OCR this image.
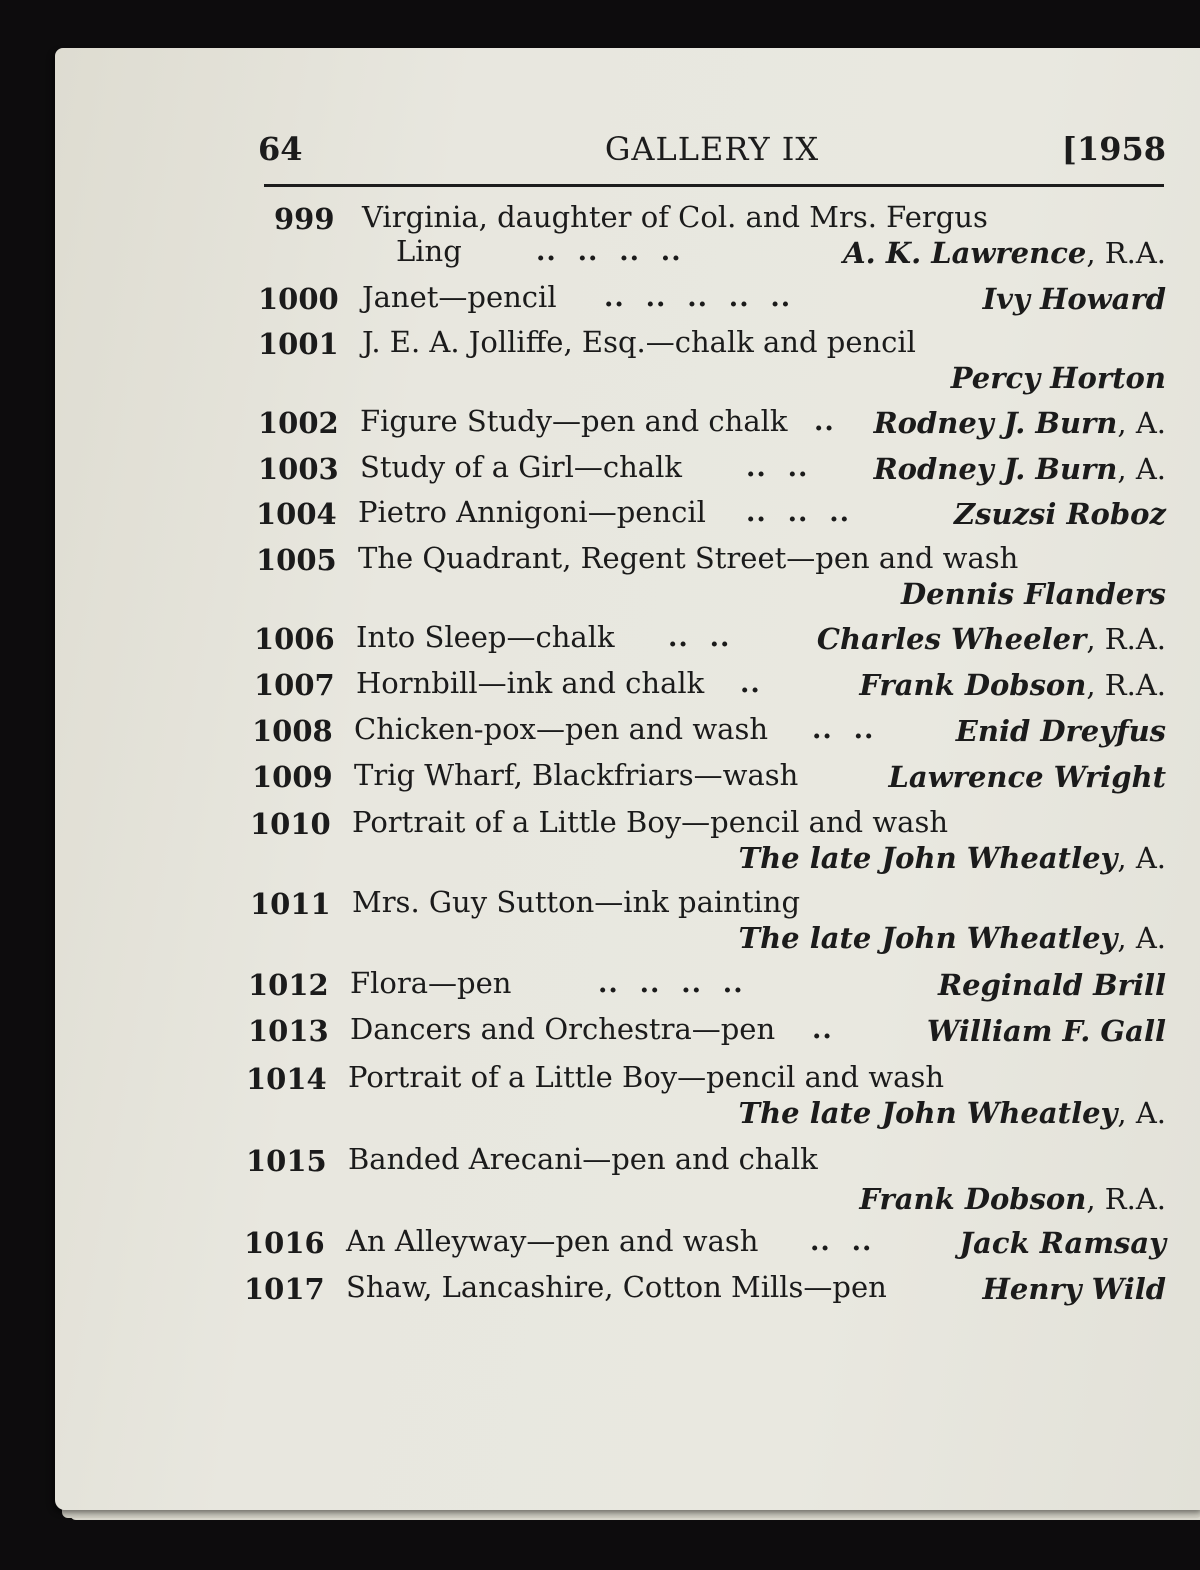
64	GALLERY IX	[1958
999 Virginia, daughter of Col. and Mrs. Fergus
Ling	..  ..  ..  ..	A. K. Lawrence, R.A.
1000 Janet—pencil ..  ..  ..  ..  ..	Ivy Howard
1001 J. E. A. Jolliffe, Esq.—chalk and pencil
Percy Horton
1002 Figure Study—pen and chalk .. Rodney J. Burn, A.
1003 Study of a Girl—chalk ..  .. Rodney J. Burn, A.
1004 Pietro Annigoni—pencil ..  ..  ..	Zsuzsi Roboz
1005 The Quadrant, Regent Street—pen and wash
Dennis Flanders
1006 Into Sleep—chalk ..  ..	Charles Wheeler, R.A.
1007 Hornbill—ink and chalk ..	Frank Dobson, R.A.
1008 Chicken-pox—pen and wash ..  ..	Enid Dreyfus
1009 Trig Wharf, Blackfriars—wash	Lawrence Wright
1010 Portrait of a Little Boy—pencil and wash
The late John Wheatley, A.
1011 Mrs. Guy Sutton—ink painting
The late John Wheatley, A.
1012 Flora—pen	..  ..  ..  ..	Reginald Brill
1013 Dancers and Orchestra—pen ..	William F. Gall
1014 Portrait of a Little Boy—pencil and wash
The late John Wheatley, A.
1015 Banded Arecani—pen and chalk
Frank Dobson, R.A.
1016 An Alleyway—pen and wash ..  ..	Jack Ramsay
1017 Shaw, Lancashire, Cotton Mills—pen	Henry Wild
